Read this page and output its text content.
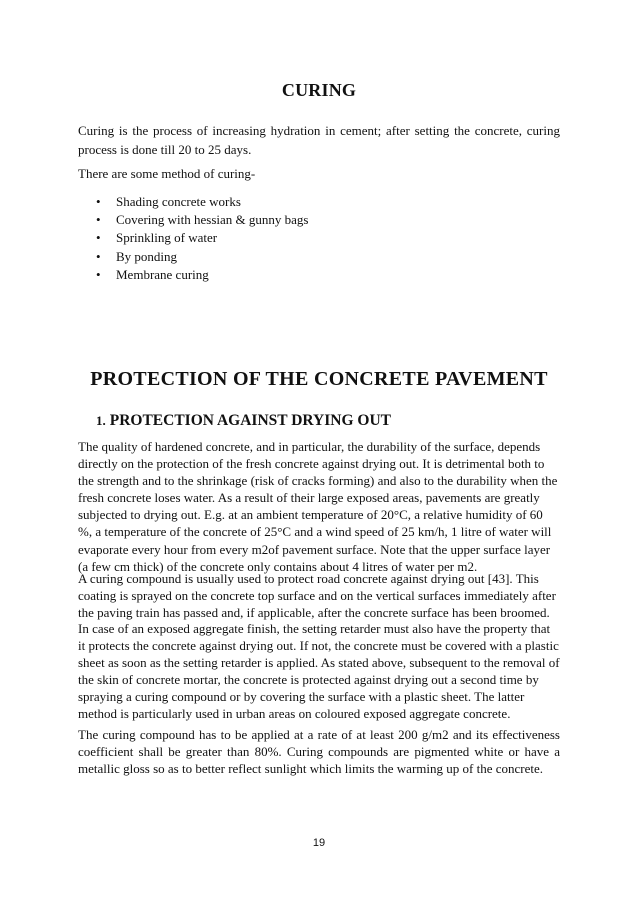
CURING

Curing is the process of increasing hydration in cement; after setting the concrete, curing process is done till 20 to 25 days.

There are some method of curing-

• Shading concrete works
• Covering with hessian & gunny bags
• Sprinkling of water
• By ponding
• Membrane curing
PROTECTION OF THE CONCRETE PAVEMENT
1. PROTECTION AGAINST DRYING OUT

The quality of hardened concrete, and in particular, the durability of the surface, depends directly on the protection of the fresh concrete against drying out. It is detrimental both to the strength and to the shrinkage (risk of cracks forming) and also to the durability when the fresh concrete loses water. As a result of their large exposed areas, pavements are greatly subjected to drying out. E.g. at an ambient temperature of 20°C, a relative humidity of 60 %, a temperature of the concrete of 25°C and a wind speed of 25 km/h, 1 litre of water will evaporate every hour from every m2of pavement surface. Note that the upper surface layer (a few cm thick) of the concrete only contains about 4 litres of water per m2.

A curing compound is usually used to protect road concrete against drying out [43]. This coating is sprayed on the concrete top surface and on the vertical surfaces immediately after the paving train has passed and, if applicable, after the concrete surface has been broomed.

In case of an exposed aggregate finish, the setting retarder must also have the property that it protects the concrete against drying out. If not, the concrete must be covered with a plastic sheet as soon as the setting retarder is applied. As stated above, subsequent to the removal of the skin of concrete mortar, the concrete is protected against drying out a second time by spraying a curing compound or by covering the surface with a plastic sheet. The latter method is particularly used in urban areas on coloured exposed aggregate concrete.

The curing compound has to be applied at a rate of at least 200 g/m2 and its effectiveness coefficient shall be greater than 80%. Curing compounds are pigmented white or have a metallic gloss so as to better reflect sunlight which limits the warming up of the concrete.

19
